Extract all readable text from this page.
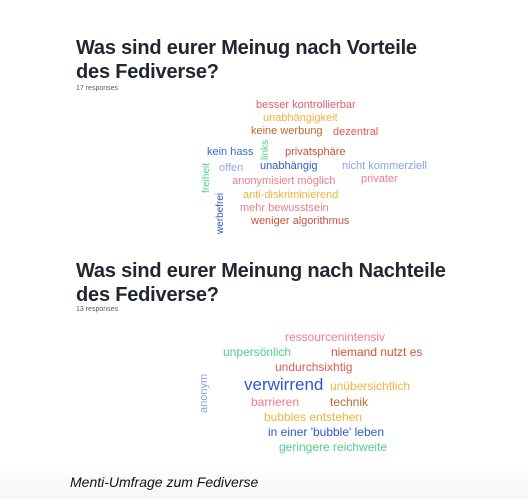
Was sind eurer Meinug nach Vorteile des Fediverse?
17 responses
besser kontrollierbar
unabhängigkeit
keine werbung dezentral
links
kein hass	privatsphäre
offen unabhängig nicht kommerziell
freiheit anonymisiert möglich privater
anti-diskriminierend
werbefrei mehr bewusstsein
weniger algorithmus
Was sind eurer Meinung nach Nachteile des Fediverse?
13 responses
ressourcenintensiv
unpersönlich	niemand nutzt es
undurchsixhtig
anonym verwirrend unübersichtlich
barrieren	technik
bubbles entstehen
in einer 'bubble' leben
geringere reichweite

Menti-Umfrage zum Fediverse
